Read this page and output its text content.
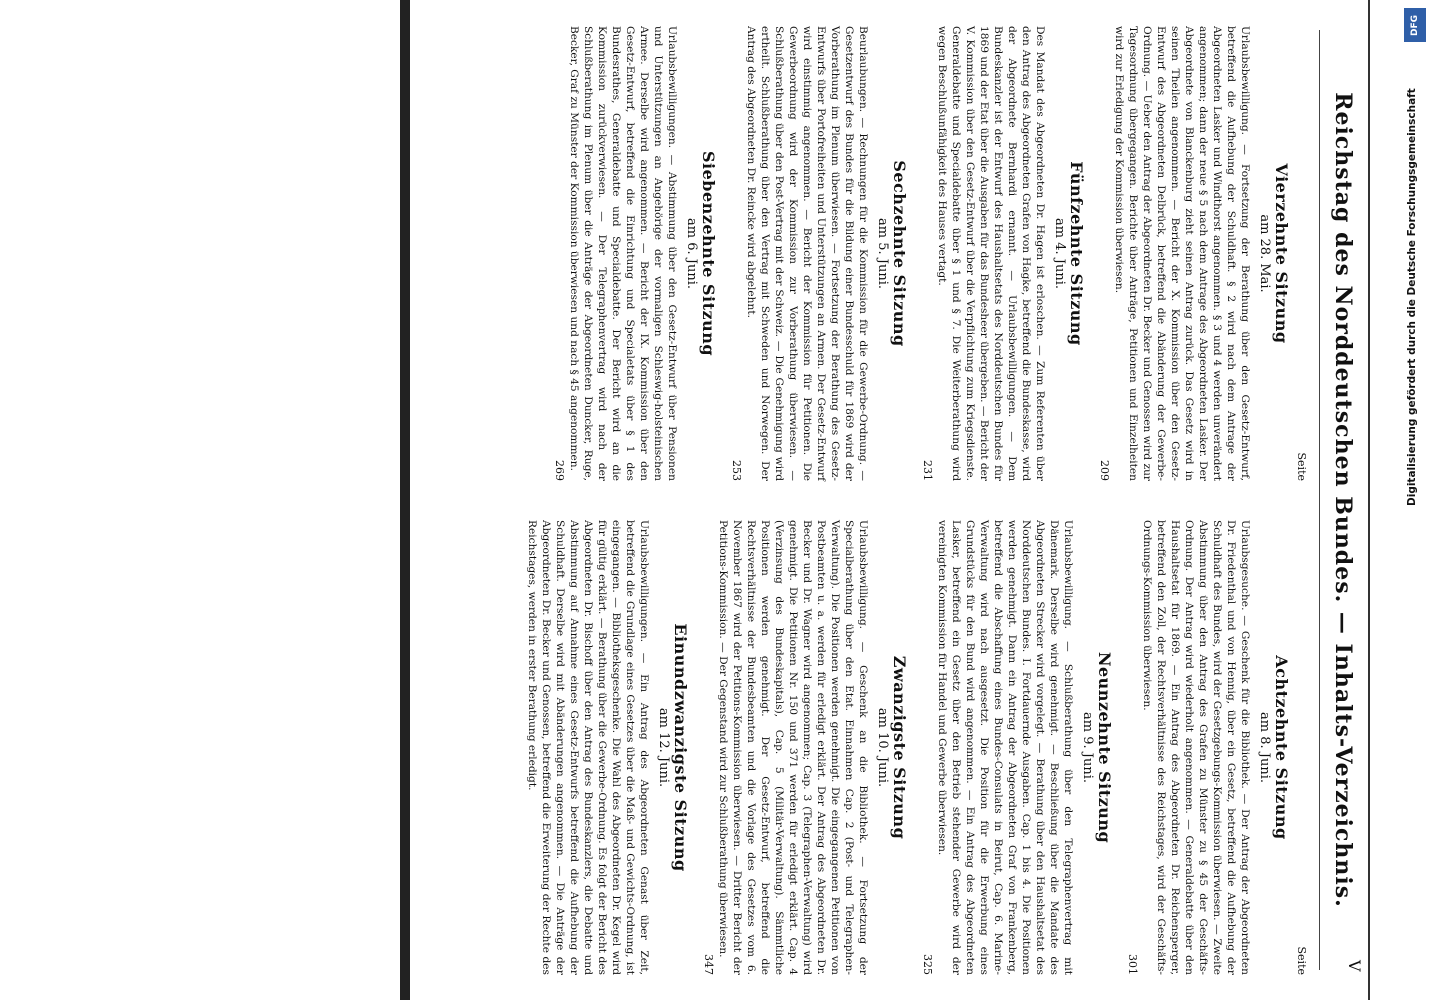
V
Reichstag des Norddeutschen Bundes. — Inhalts-Verzeichnis.
Seite
Vierzehnte Sitzung
am 28. Mai.

Urlaubsbewilligung. — Fortsetzung der Berathung über den Gesetz-Entwurf, betreffend die Aufhebung der Schuldhaft. § 2 wird nach dem Antrage der Abgeordneten Lasker und Windthorst angenommen. § 3 und 4 werden unverändert angenommen; dann der neue § 5 nach dem Antrage des Abgeordneten Lasker. Der Abgeordnete von Blanckenburg zieht seinen Antrag zurück. Das Gesetz wird in seinen Theilen angenommen. — Bericht der X. Kommission über den Gesetz-Entwurf des Abgeordneten Delbrück, betreffend die Abänderung der Gewerbe-Ordnung. — Ueber den Antrag der Abgeordneten Dr. Becker und Genossen wird zur Tagesordnung übergegangen. Berichte über Anträge, Petitionen und Einzelheiten wird zur Erledigung der Kommission überwiesen.

209
Fünfzehnte Sitzung
am 4. Juni.

Des Mandat des Abgeordneten Dr. Hagen ist erloschen. — Zum Referenten über den Antrag des Abgeordneten Grafen von Hagke, betreffend die Bundeskasse, wird der Abgeordnete Bernhardi ernannt. — Urlaubsbewilligungen. — Dem Bundeskanzler ist der Entwurf des Haushaltsetats des Norddeutschen Bundes für 1869 und der Etat über die Ausgaben für das Bundesheer übergeben. — Bericht der V. Kommission über den Gesetz-Entwurf über die Verpflichtung zum Kriegsdienste. Generaldebatte und Specialdebatte über § 1 und § 7. Die Weiterberathung wird wegen Beschlußunfähigkeit des Hauses vertagt.

231
Sechzehnte Sitzung
am 5. Juni.

Beurlaubungen. — Rechnungen für die Kommission für die Gewerbe-Ordnung. — Gesetzentwurf des Bundes für die Bildung einer Bundesschuld für 1869 wird der Vorberathung im Plenum überwiesen. — Fortsetzung der Berathung des Gesetz-Entwurfs über Portofreiheiten und Unterstützungen an Armen. Der Gesetz-Entwurf wird einstimmig angenommen. — Bericht der Kommission für Petitionen. Die Gewerbeordnung wird der Kommission zur Vorberathung überwiesen. — Schlußberathung über den Post-Vertrag mit der Schweiz. — Die Genehmigung wird ertheilt. Schlußberathung über den Vertrag mit Schweden und Norwegen. Der Antrag des Abgeordneten Dr. Reincke wird abgelehnt.

253
Siebenzehnte Sitzung
am 6. Juni.

Urlaubsbewilligungen. — Abstimmung über den Gesetz-Entwurf über Pensionen und Unterstützungen an Angehörige der vormaligen Schleswig-holsteinischen Armee. Derselbe wird angenommen. — Bericht der IX. Kommission über den Gesetz-Entwurf, betreffend die Einrichtung und Specialetats über § 1 des Bundesrathes, Generaldebatte und Specialdebatte. Der Bericht wird an die Kommission zurückverwiesen. — Der Telegraphenvertrag wird nach der Schlußberathung im Plenum über die Anträge der Abgeordneten Duncker, Ruge, Becker, Graf zu Münster der Kommission überwiesen und nach § 45 angenommen.

269
Seite
Achtzehnte Sitzung
am 8. Juni.

Urlaubsgesuche. — Geschenk für die Bibliothek. — Der Antrag der Abgeordneten Dr. Friedenthal und von Hennig, über ein Gesetz, betreffend die Aufhebung der Schuldhaft des Bundes, wird der Gesetzgebungs-Kommission überwiesen. — Zweite Abstimmung über den Antrag des Grafen zu Münster zu § 45 der Geschäfts-Ordnung. Der Antrag wird wiederholt angenommen. — Generaldebatte über den Haushaltsetat für 1869. — Ein Antrag des Abgeordneten Dr. Reichensperger, betreffend den Zoll, der Rechtsverhältnisse des Reichstages, wird der Geschäfts-Ordnungs-Kommission überwiesen.

301
Neunzehnte Sitzung
am 9. Juni.

Urlaubsbewilligung. — Schlußberathung über den Telegraphenvertrag mit Dänemark. Derselbe wird genehmigt. — Beschließung über die Mandate des Abgeordneten Strecker wird vorgelegt. — Berathung über den Haushaltsetat des Norddeutschen Bundes. I. Fortdauernde Ausgaben. Cap. 1 bis 4. Die Positionen werden genehmigt. Dann ein Antrag der Abgeordneten Graf von Frankenberg, betreffend die Abschaffung eines Bundes-Consulats in Beirut, Cap. 6. Marine-Verwaltung wird nach ausgesetzt. Die Position für die Erwerbung eines Grundstücks für den Bund wird angenommen. — Ein Antrag des Abgeordneten Lasker, betreffend ein Gesetz über den Betrieb stehender Gewerbe wird der vereinigten Kommission für Handel und Gewerbe überwiesen.

325
Zwanzigste Sitzung
am 10. Juni.

Urlaubsbewilligung. — Geschenk an die Bibliothek. — Fortsetzung der Specialberathung über den Etat. Einnahmen Cap. 2 (Post- und Telegraphen-Verwaltung). Die Positionen werden genehmigt. Die eingegangenen Petitionen von Postbeamten u. a. werden für erledigt erklärt. Der Antrag des Abgeordneten Dr. Becker und Dr. Wagner wird angenommen; Cap. 3 (Telegraphen-Verwaltung) wird genehmigt. Die Petitionen Nr. 150 und 371 werden für erledigt erklärt. Cap. 4 (Verzinsung des Bundeskapitals), Cap. 5 (Militär-Verwaltung). Sämmtliche Positionen werden genehmigt. Der Gesetz-Entwurf, betreffend die Rechtsverhältnisse der Bundesbeamten und die Vorlage des Gesetzes vom 6. November 1867 wird der Petitions-Kommission überwiesen. — Dritter Bericht der Petitions-Kommission. — Der Gegenstand wird zur Schlußberathung überwiesen.

347
Einundzwanzigste Sitzung
am 12. Juni.

Urlaubsbewilligungen. — Ein Antrag des Abgeordneten Genast über Zeit, betreffend die Grundlage eines Gesetzes über die Maß- und Gewichts-Ordnung, ist eingegangen. — Bibliotheksgeschenke. Die Wahl des Abgeordneten Dr. Kegel wird für gültig erklärt. — Berathung über die Gewerbe-Ordnung. Es folgt der Bericht des Abgeordneten Dr. Bischoff über den Antrag des Bundeskanzlers, die Debatte und Abstimmung auf Annahme eines Gesetz-Entwurfs betreffend die Aufhebung der Schuldhaft. Derselbe wird mit Abänderungen angenommen. — Die Anträge der Abgeordneten Dr. Becker und Genossen, betreffend die Erweiterung der Rechte des Reichstages, werden in erster Berathung erledigt.

DFG
Digitalisierung gefördert durch die Deutsche Forschungsgemeinschaft
